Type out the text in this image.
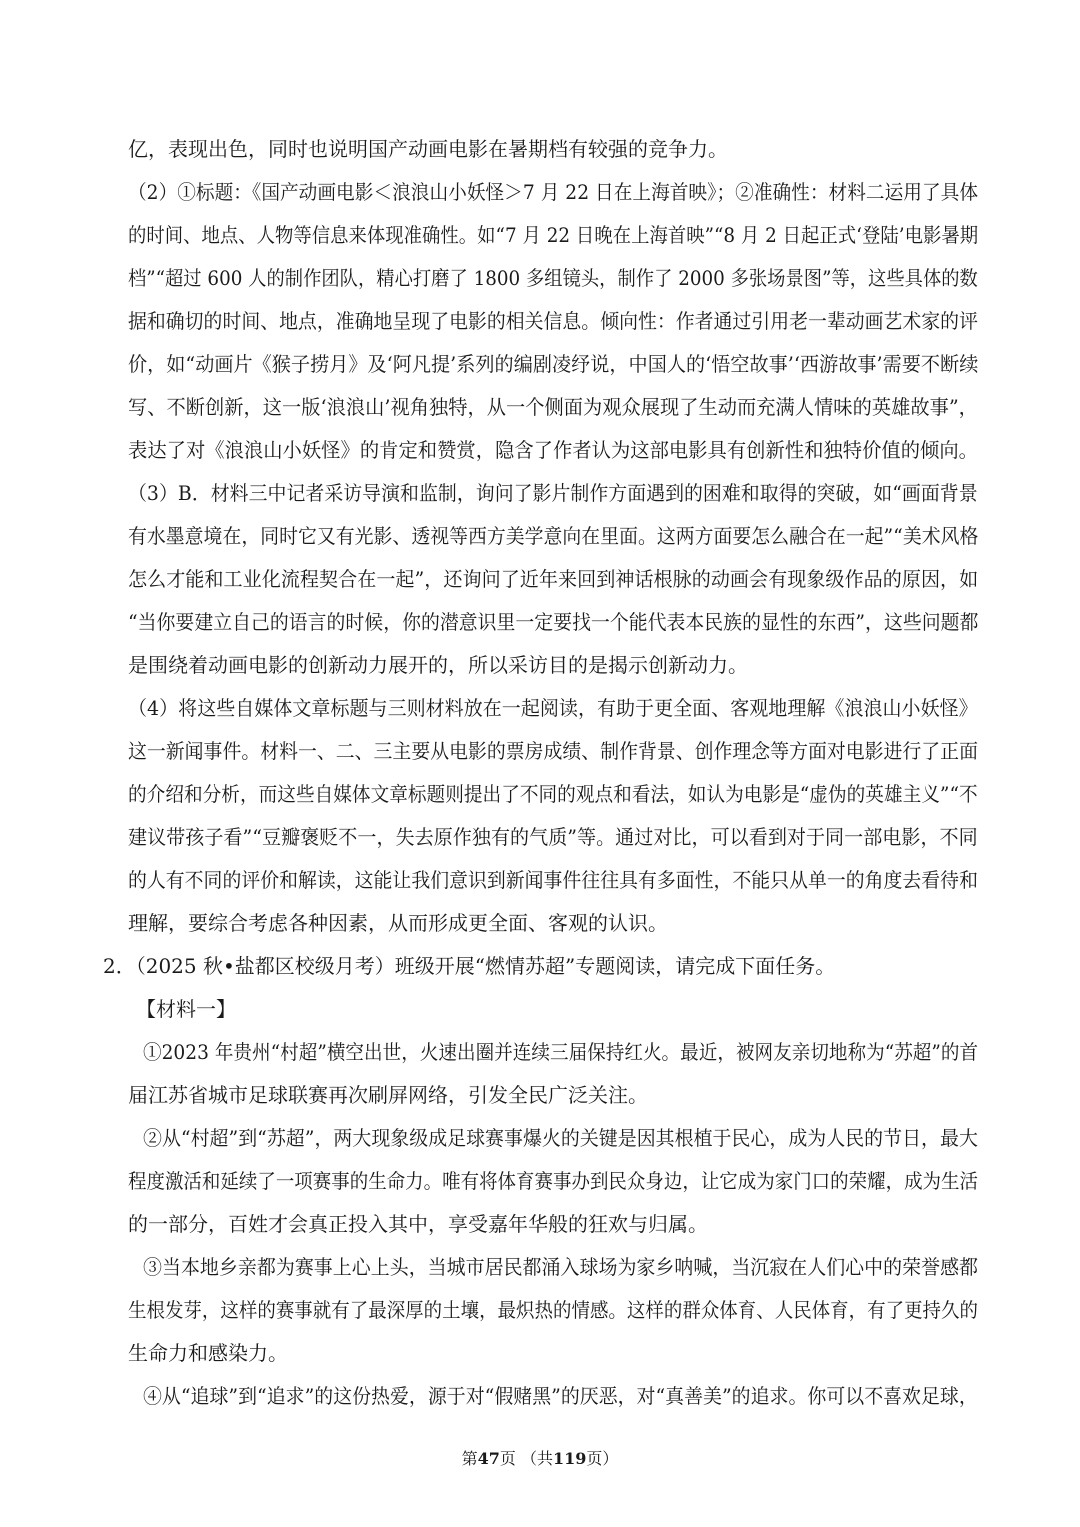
亿，表现出色，同时也说明国产动画电影在暑期档有较强的竞争力。
（2）①标题：《国产动画电影＜浪浪山小妖怪＞7 月 22 日在上海首映》；②准确性：材料二运用了具体
的时间、地点、人物等信息来体现准确性。如“7 月 22 日晚在上海首映”“8 月 2 日起正式‘登陆’电影暑期
档”“超过 600 人的制作团队，精心打磨了 1800 多组镜头，制作了 2000 多张场景图”等，这些具体的数
据和确切的时间、地点，准确地呈现了电影的相关信息。倾向性：作者通过引用老一辈动画艺术家的评
价，如“动画片《猴子捞月》及‘阿凡提’系列的编剧凌纾说，中国人的‘悟空故事’‘西游故事’需要不断续
写、不断创新，这一版‘浪浪山’视角独特，从一个侧面为观众展现了生动而充满人情味的英雄故事”，
表达了对《浪浪山小妖怪》的肯定和赞赏，隐含了作者认为这部电影具有创新性和独特价值的倾向。
（3）B．材料三中记者采访导演和监制，询问了影片制作方面遇到的困难和取得的突破，如“画面背景
有水墨意境在，同时它又有光影、透视等西方美学意向在里面。这两方面要怎么融合在一起”“美术风格
怎么才能和工业化流程契合在一起”，还询问了近年来回到神话根脉的动画会有现象级作品的原因，如
“当你要建立自己的语言的时候，你的潜意识里一定要找一个能代表本民族的显性的东西”，这些问题都
是围绕着动画电影的创新动力展开的，所以采访目的是揭示创新动力。
（4）将这些自媒体文章标题与三则材料放在一起阅读，有助于更全面、客观地理解《浪浪山小妖怪》
这一新闻事件。材料一、二、三主要从电影的票房成绩、制作背景、创作理念等方面对电影进行了正面
的介绍和分析，而这些自媒体文章标题则提出了不同的观点和看法，如认为电影是“虚伪的英雄主义”“不
建议带孩子看”“豆瓣褒贬不一，失去原作独有的气质”等。通过对比，可以看到对于同一部电影，不同
的人有不同的评价和解读，这能让我们意识到新闻事件往往具有多面性，不能只从单一的角度去看待和
理解，要综合考虑各种因素，从而形成更全面、客观的认识。
2．（2025 秋•盐都区校级月考）班级开展“燃情苏超”专题阅读，请完成下面任务。
【材料一】
①2023 年贵州“村超”横空出世，火速出圈并连续三届保持红火。最近，被网友亲切地称为“苏超”的首
届江苏省城市足球联赛再次刷屏网络，引发全民广泛关注。
②从“村超”到“苏超”，两大现象级成足球赛事爆火的关键是因其根植于民心，成为人民的节日，最大
程度激活和延续了一项赛事的生命力。唯有将体育赛事办到民众身边，让它成为家门口的荣耀，成为生活
的一部分，百姓才会真正投入其中，享受嘉年华般的狂欢与归属。
③当本地乡亲都为赛事上心上头，当城市居民都涌入球场为家乡呐喊，当沉寂在人们心中的荣誉感都
生根发芽，这样的赛事就有了最深厚的土壤，最炽热的情感。这样的群众体育、人民体育，有了更持久的
生命力和感染力。
④从“追球”到“追求”的这份热爱，源于对“假赌黑”的厌恶，对“真善美”的追求。你可以不喜欢足球，
第47页 （共119页）
